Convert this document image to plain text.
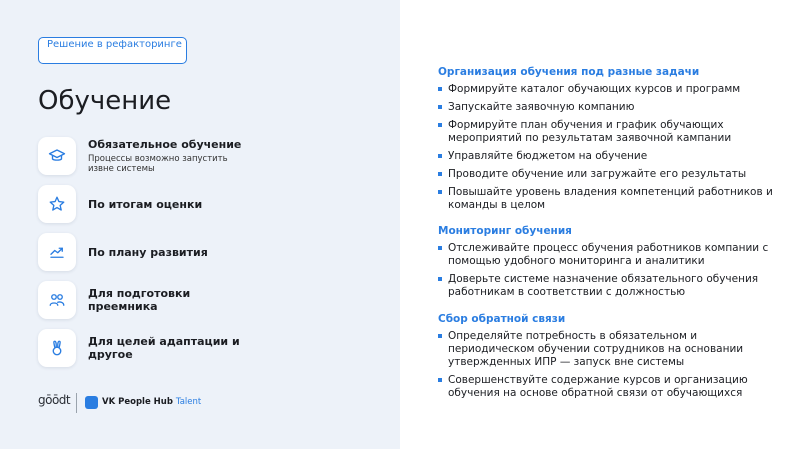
Решение в рефакторинге
Обучение
Обязательное обучение
Процессы возможно запустить извне системы
По итогам оценки
По плану развития
Для подготовки преемника
Для целей адаптации и другое
gōōdt	VK People Hub Talent
Организация обучения под разные задачи
Формируйте каталог обучающих курсов и программ
Запускайте заявочную компанию
Формируйте план обучения и график обучающих мероприятий по результатам заявочной кампании
Управляйте бюджетом на обучение
Проводите обучение или загружайте его результаты
Повышайте уровень владения компетенций работников и команды в целом
Мониторинг обучения
Отслеживайте процесс обучения работников компании с помощью удобного мониторинга и аналитики
Доверьте системе назначение обязательного обучения работникам в соответствии с должностью
Сбор обратной связи
Определяйте потребность в обязательном и периодическом обучении сотрудников на основании утвержденных ИПР — запуск вне системы
Совершенствуйте содержание курсов и организацию обучения на основе обратной связи от обучающихся
